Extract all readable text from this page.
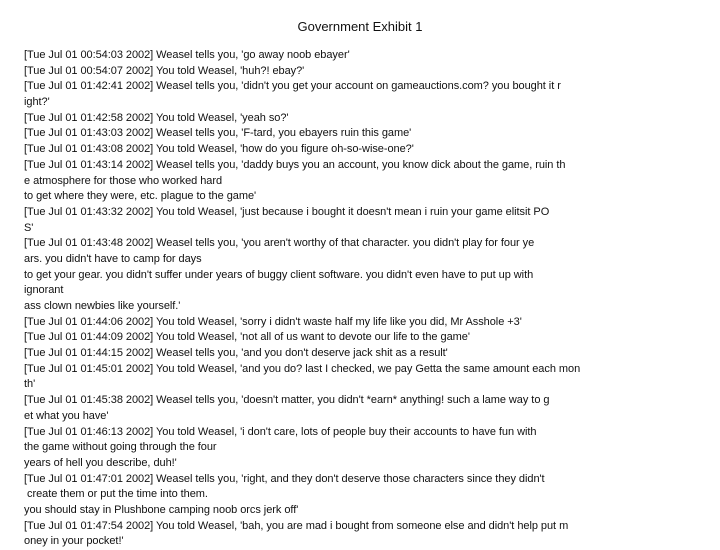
Government Exhibit 1
[Tue Jul 01 00:54:03 2002] Weasel tells you, 'go away noob ebayer'
[Tue Jul 01 00:54:07 2002] You told Weasel, 'huh?! ebay?'
[Tue Jul 01 01:42:41 2002] Weasel tells you, 'didn't you get your account on gameauctions.com? you bought it r
ight?'
[Tue Jul 01 01:42:58 2002] You told Weasel, 'yeah so?'
[Tue Jul 01 01:43:03 2002] Weasel tells you, 'F-tard, you ebayers ruin this game'
[Tue Jul 01 01:43:08 2002] You told Weasel, 'how do you figure oh-so-wise-one?'
[Tue Jul 01 01:43:14 2002] Weasel tells you, 'daddy buys you an account, you know dick about the game, ruin th
e atmosphere for those who worked hard
to get where they were, etc. plague to the game'
[Tue Jul 01 01:43:32 2002] You told Weasel, 'just because i bought it doesn't mean i ruin your game elitsit PO
S'
[Tue Jul 01 01:43:48 2002] Weasel tells you, 'you aren't worthy of that character. you didn't play for four ye
ars. you didn't have to camp for days
to get your gear. you didn't suffer under years of buggy client software. you didn't even have to put up with
ignorant
ass clown newbies like yourself.'
[Tue Jul 01 01:44:06 2002] You told Weasel, 'sorry i didn't waste half my life like you did, Mr Asshole +3'
[Tue Jul 01 01:44:09 2002] You told Weasel, 'not all of us want to devote our life to the game'
[Tue Jul 01 01:44:15 2002] Weasel tells you, 'and you don't deserve jack shit as a result'
[Tue Jul 01 01:45:01 2002] You told Weasel, 'and you do? last I checked, we pay Getta the same amount each mon
th'
[Tue Jul 01 01:45:38 2002] Weasel tells you, 'doesn't matter, you didn't *earn* anything! such a lame way to g
et what you have'
[Tue Jul 01 01:46:13 2002] You told Weasel, 'i don't care, lots of people buy their accounts to have fun with
the game without going through the four
years of hell you describe, duh!'
[Tue Jul 01 01:47:01 2002] Weasel tells you, 'right, and they don't deserve those characters since they didn't
create them or put the time into them.
you should stay in Plushbone camping noob orcs jerk off'
[Tue Jul 01 01:47:54 2002] You told Weasel, 'bah, you are mad i bought from someone else and didn't help put m
oney in your pocket!'
